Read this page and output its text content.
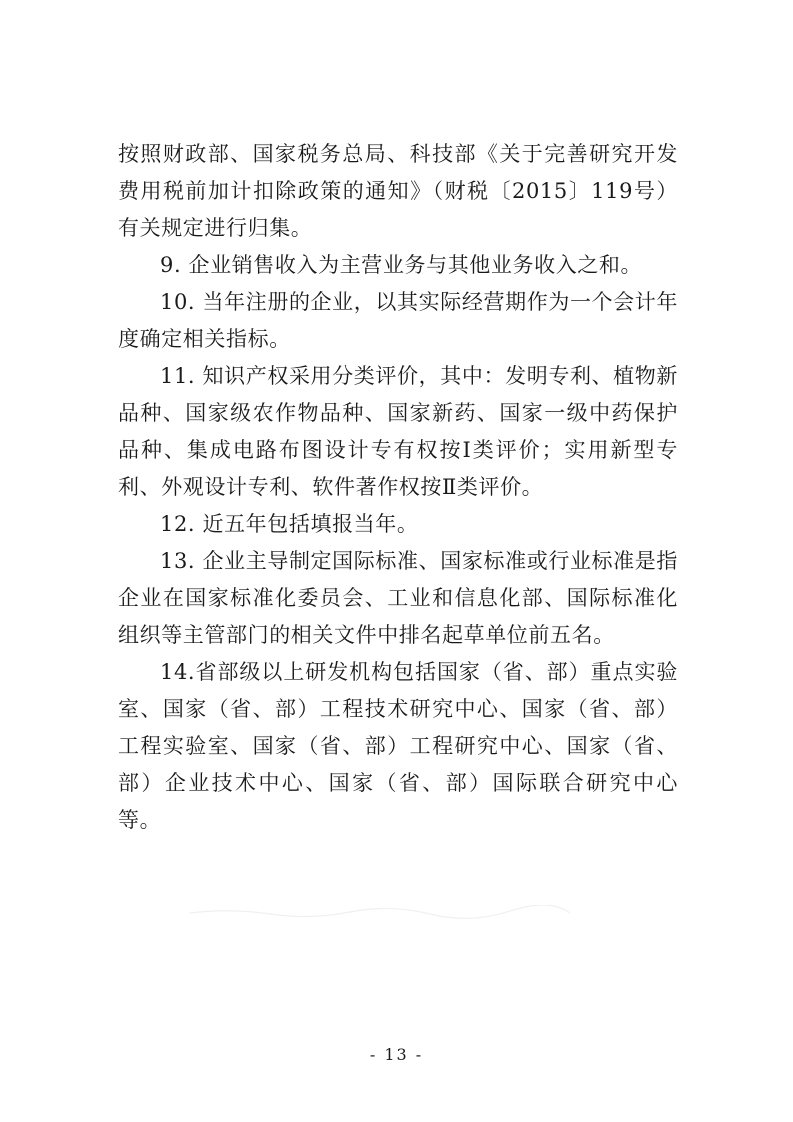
按照财政部、国家税务总局、科技部《关于完善研究开发费用税前加计扣除政策的通知》（财税〔2015〕119号）有关规定进行归集。

9. 企业销售收入为主营业务与其他业务收入之和。

10. 当年注册的企业，以其实际经营期作为一个会计年度确定相关指标。

11. 知识产权采用分类评价，其中：发明专利、植物新品种、国家级农作物品种、国家新药、国家一级中药保护品种、集成电路布图设计专有权按Ⅰ类评价；实用新型专利、外观设计专利、软件著作权按Ⅱ类评价。

12. 近五年包括填报当年。

13. 企业主导制定国际标准、国家标准或行业标准是指企业在国家标准化委员会、工业和信息化部、国际标准化组织等主管部门的相关文件中排名起草单位前五名。

14.省部级以上研发机构包括国家（省、部）重点实验室、国家（省、部）工程技术研究中心、国家（省、部）工程实验室、国家（省、部）工程研究中心、国家（省、部）企业技术中心、国家（省、部）国际联合研究中心等。

- 13 -
